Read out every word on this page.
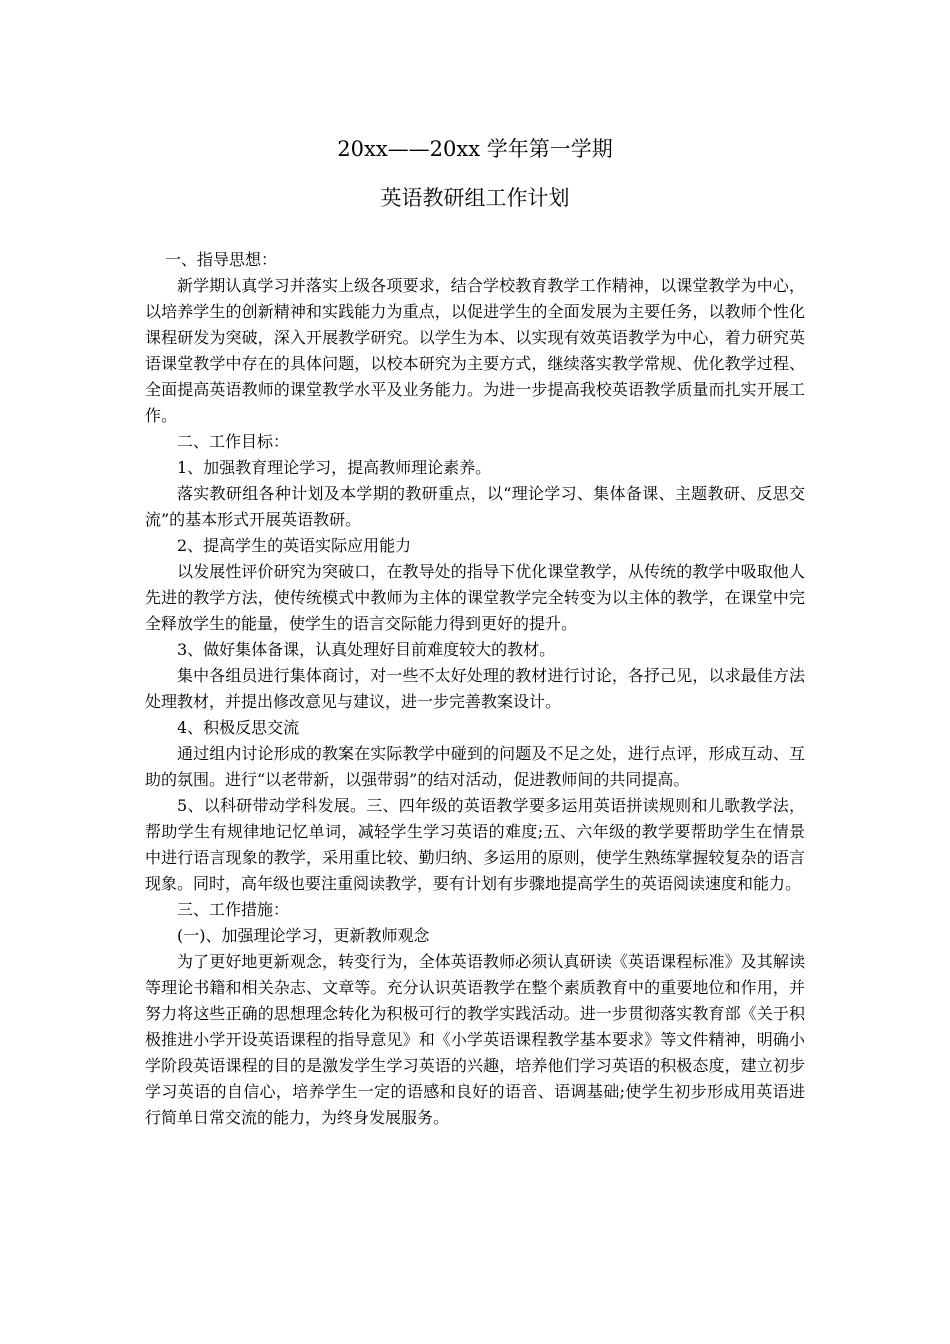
20xx——20xx 学年第一学期
英语教研组工作计划

一、指导思想：

新学期认真学习并落实上级各项要求，结合学校教育教学工作精神，以课堂教学为中心，以培养学生的创新精神和实践能力为重点，以促进学生的全面发展为主要任务，以教师个性化课程研发为突破，深入开展教学研究。以学生为本、以实现有效英语教学为中心，着力研究英语课堂教学中存在的具体问题，以校本研究为主要方式，继续落实教学常规、优化教学过程、全面提高英语教师的课堂教学水平及业务能力。为进一步提高我校英语教学质量而扎实开展工作。

二、工作目标：

1、加强教育理论学习，提高教师理论素养。

落实教研组各种计划及本学期的教研重点，以“理论学习、集体备课、主题教研、反思交流”的基本形式开展英语教研。

2、提高学生的英语实际应用能力

以发展性评价研究为突破口，在教导处的指导下优化课堂教学，从传统的教学中吸取他人先进的教学方法，使传统模式中教师为主体的课堂教学完全转变为以主体的教学，在课堂中完全释放学生的能量，使学生的语言交际能力得到更好的提升。

3、做好集体备课，认真处理好目前难度较大的教材。

集中各组员进行集体商讨，对一些不太好处理的教材进行讨论，各抒己见，以求最佳方法处理教材，并提出修改意见与建议，进一步完善教案设计。

4、积极反思交流

通过组内讨论形成的教案在实际教学中碰到的问题及不足之处，进行点评，形成互动、互助的氛围。进行“以老带新，以强带弱”的结对活动，促进教师间的共同提高。

5、以科研带动学科发展。三、四年级的英语教学要多运用英语拼读规则和儿歌教学法，帮助学生有规律地记忆单词，减轻学生学习英语的难度;五、六年级的教学要帮助学生在情景中进行语言现象的教学，采用重比较、勤归纳、多运用的原则，使学生熟练掌握较复杂的语言现象。同时，高年级也要注重阅读教学，要有计划有步骤地提高学生的英语阅读速度和能力。

三、工作措施：

(一)、加强理论学习，更新教师观念

为了更好地更新观念，转变行为，全体英语教师必须认真研读《英语课程标准》及其解读等理论书籍和相关杂志、文章等。充分认识英语教学在整个素质教育中的重要地位和作用，并努力将这些正确的思想理念转化为积极可行的教学实践活动。进一步贯彻落实教育部《关于积极推进小学开设英语课程的指导意见》和《小学英语课程教学基本要求》等文件精神，明确小学阶段英语课程的目的是激发学生学习英语的兴趣，培养他们学习英语的积极态度，建立初步学习英语的自信心，培养学生一定的语感和良好的语音、语调基础;使学生初步形成用英语进行简单日常交流的能力，为终身发展服务。
